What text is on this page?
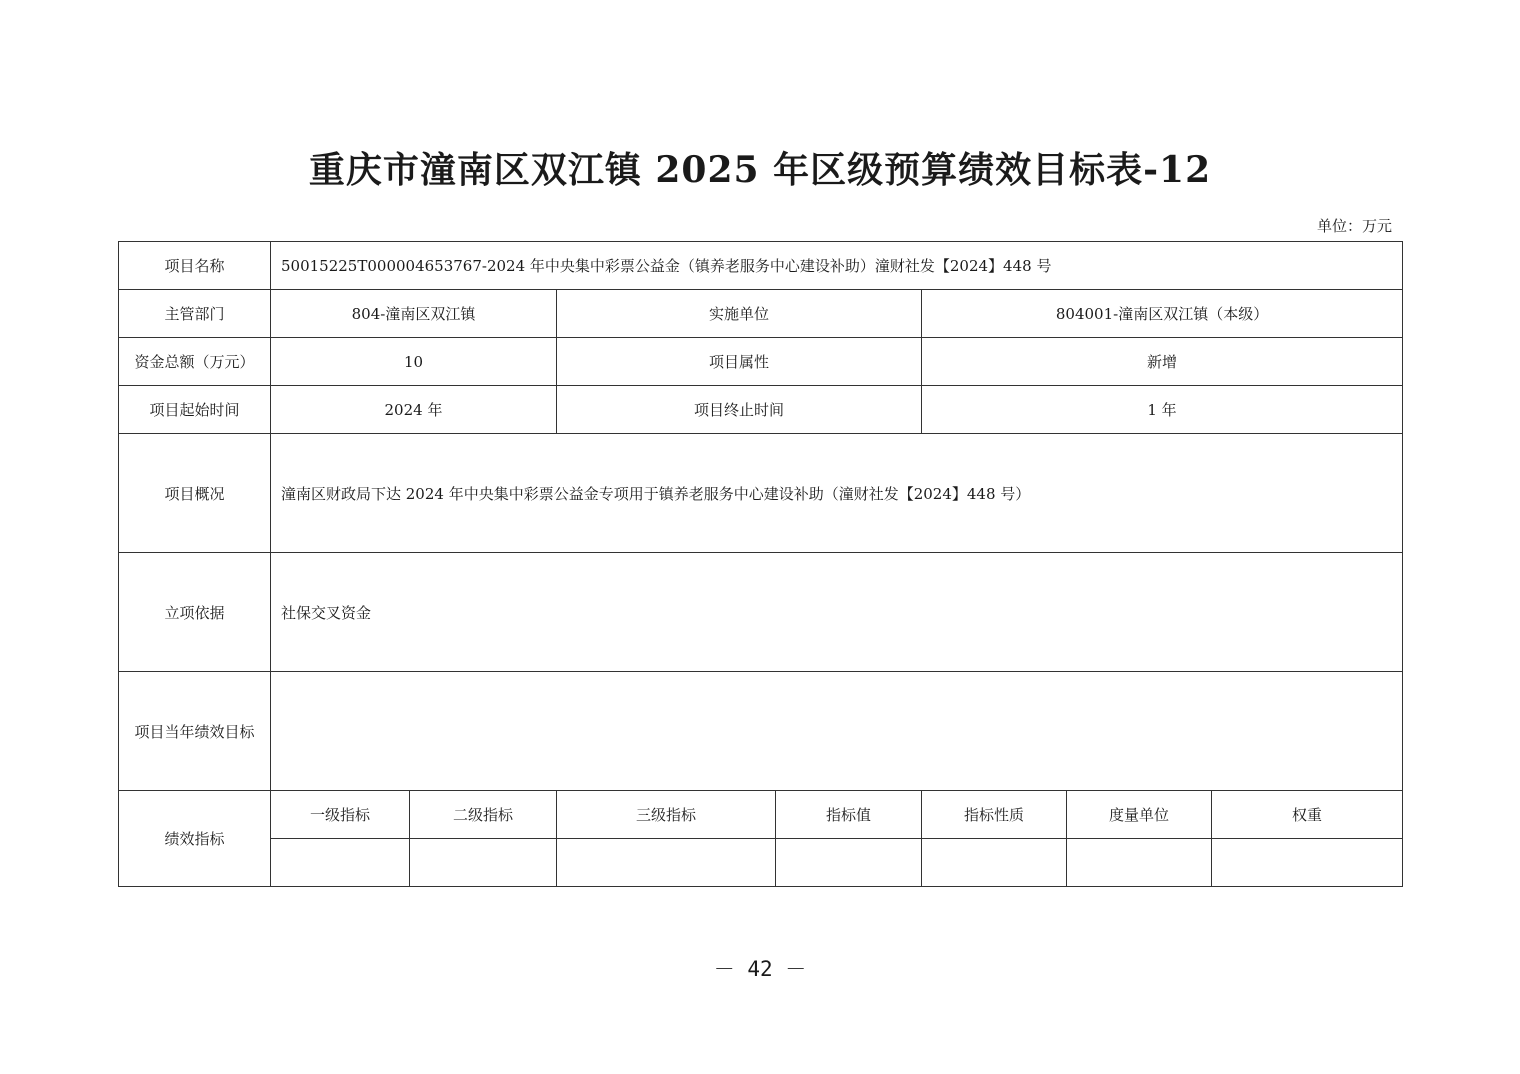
重庆市潼南区双江镇 2025 年区级预算绩效目标表-12
单位：万元
项目名称	50015225T000004653767-2024 年中央集中彩票公益金（镇养老服务中心建设补助）潼财社发【2024】448 号						
主管部门	804-潼南区双江镇		实施单位		804001-潼南区双江镇（本级）		
资金总额（万元）	10		项目属性		新增		
项目起始时间	2024 年		项目终止时间		1 年		
项目概况	潼南区财政局下达 2024 年中央集中彩票公益金专项用于镇养老服务中心建设补助（潼财社发【2024】448 号）						
立项依据	社保交叉资金						
项目当年绩效目标							
绩效指标	一级指标	二级指标	三级指标	指标值	指标性质	度量单位	权重

－ 42 －
